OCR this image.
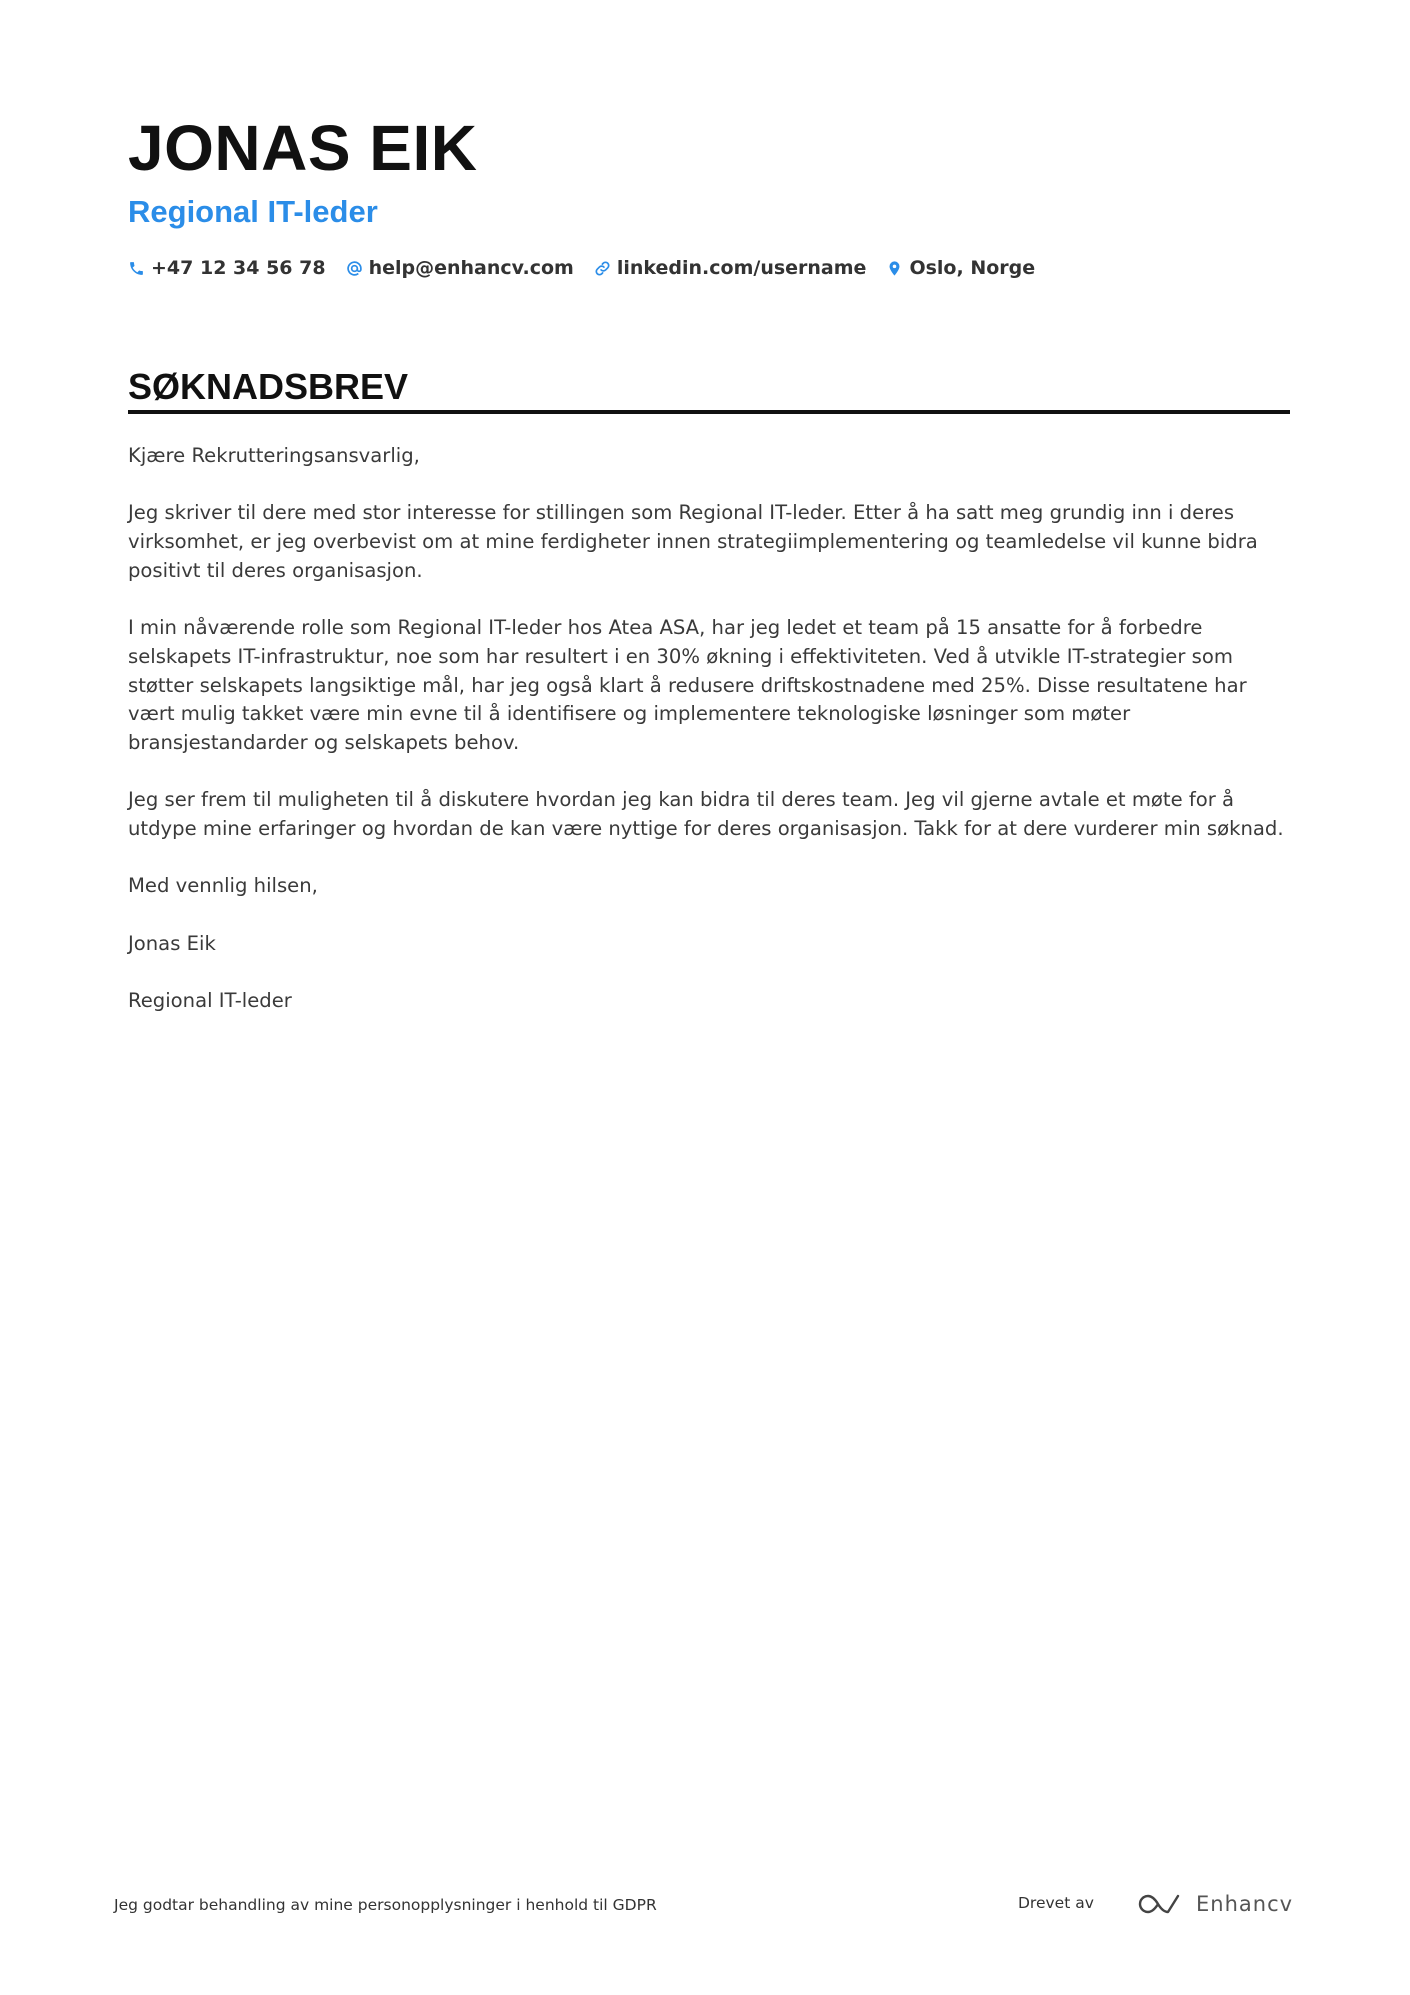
JONAS EIK
Regional IT-leder
+47 12 34 56 78 help@enhancv.com linkedin.com/username Oslo, Norge
SØKNADSBREV

Kjære Rekrutteringsansvarlig,

Jeg skriver til dere med stor interesse for stillingen som Regional IT-leder. Etter å ha satt meg grundig inn i deres virksomhet, er jeg overbevist om at mine ferdigheter innen strategiimplementering og teamledelse vil kunne bidra positivt til deres organisasjon.

I min nåværende rolle som Regional IT-leder hos Atea ASA, har jeg ledet et team på 15 ansatte for å forbedre selskapets IT-infrastruktur, noe som har resultert i en 30% økning i effektiviteten. Ved å utvikle IT-strategier som støtter selskapets langsiktige mål, har jeg også klart å redusere driftskostnadene med 25%. Disse resultatene har vært mulig takket være min evne til å identifisere og implementere teknologiske løsninger som møter bransjestandarder og selskapets behov.

Jeg ser frem til muligheten til å diskutere hvordan jeg kan bidra til deres team. Jeg vil gjerne avtale et møte for å utdype mine erfaringer og hvordan de kan være nyttige for deres organisasjon. Takk for at dere vurderer min søknad.

Med vennlig hilsen,

Jonas Eik

Regional IT-leder

Jeg godtar behandling av mine personopplysninger i henhold til GDPR	Drevet av	Enhancv
